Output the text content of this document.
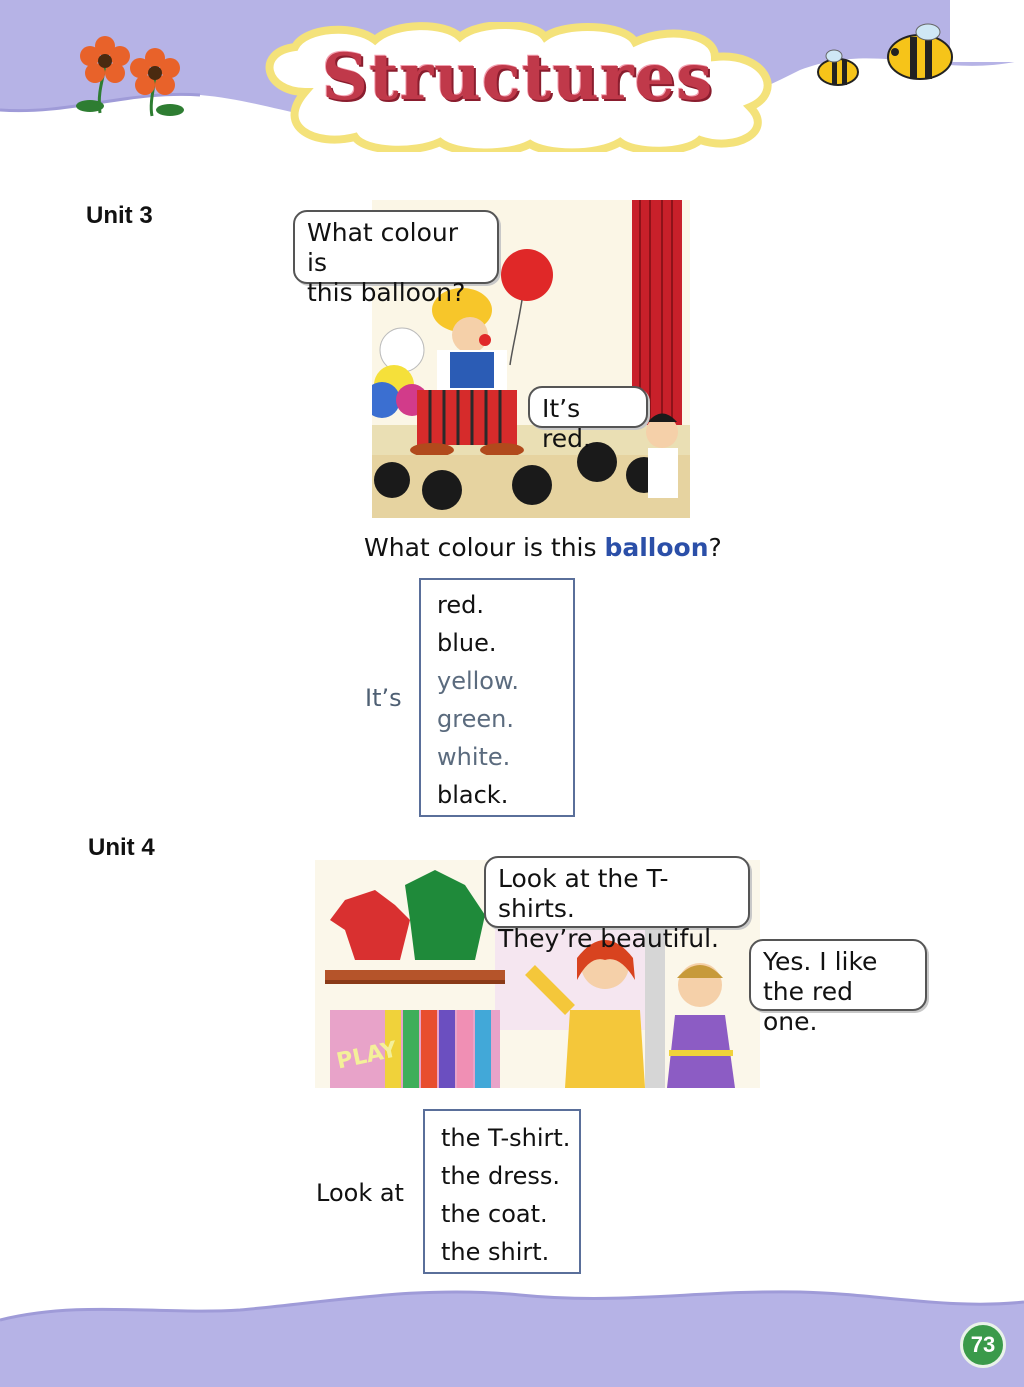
Structures
Unit 3
What colour is
this balloon?
It’s red.
What colour is this balloon?
It’s
red.
blue.
yellow.
green.
white.
black.
Unit 4
PLAY
Look at the T-shirts.
They’re beautiful.
Yes. I like
the red one.
Look at
the T-shirt.
the dress.
the coat.
the shirt.
73
